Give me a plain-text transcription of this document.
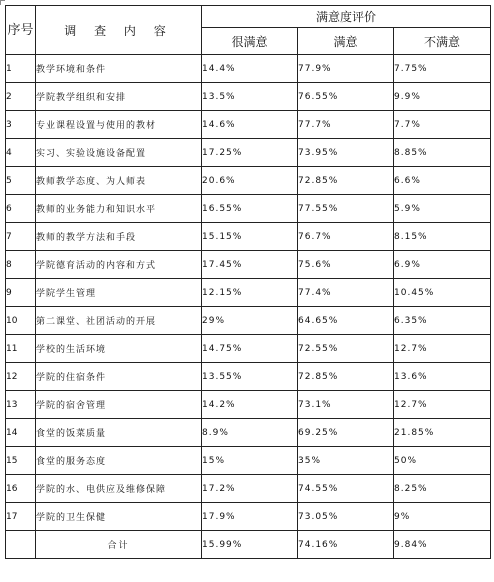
序号	调 查 内 容	满意度评价		
		很满意	满意	不满意
1	教学环境和条件	14.4%	77.9%	7.75%
2	学院教学组织和安排	13.5%	76.55%	9.9%
3	专业课程设置与使用的教材	14.6%	77.7%	7.7%
4	实习、实验设施设备配置	17.25%	73.95%	8.85%
5	教师教学态度、为人师表	20.6%	72.85%	6.6%
6	教师的业务能力和知识水平	16.55%	77.55%	5.9%
7	教师的教学方法和手段	15.15%	76.7%	8.15%
8	学院德育活动的内容和方式	17.45%	75.6%	6.9%
9	学院学生管理	12.15%	77.4%	10.45%
10	第二课堂、社团活动的开展	29%	64.65%	6.35%
11	学校的生活环境	14.75%	72.55%	12.7%
12	学院的住宿条件	13.55%	72.85%	13.6%
13	学院的宿舍管理	14.2%	73.1%	12.7%
14	食堂的饭菜质量	8.9%	69.25%	21.85%
15	食堂的服务态度	15%	35%	50%
16	学院的水、电供应及维修保障	17.2%	74.55%	8.25%
17	学院的卫生保健	17.9%	73.05%	9%
	合计	15.99%	74.16%	9.84%
